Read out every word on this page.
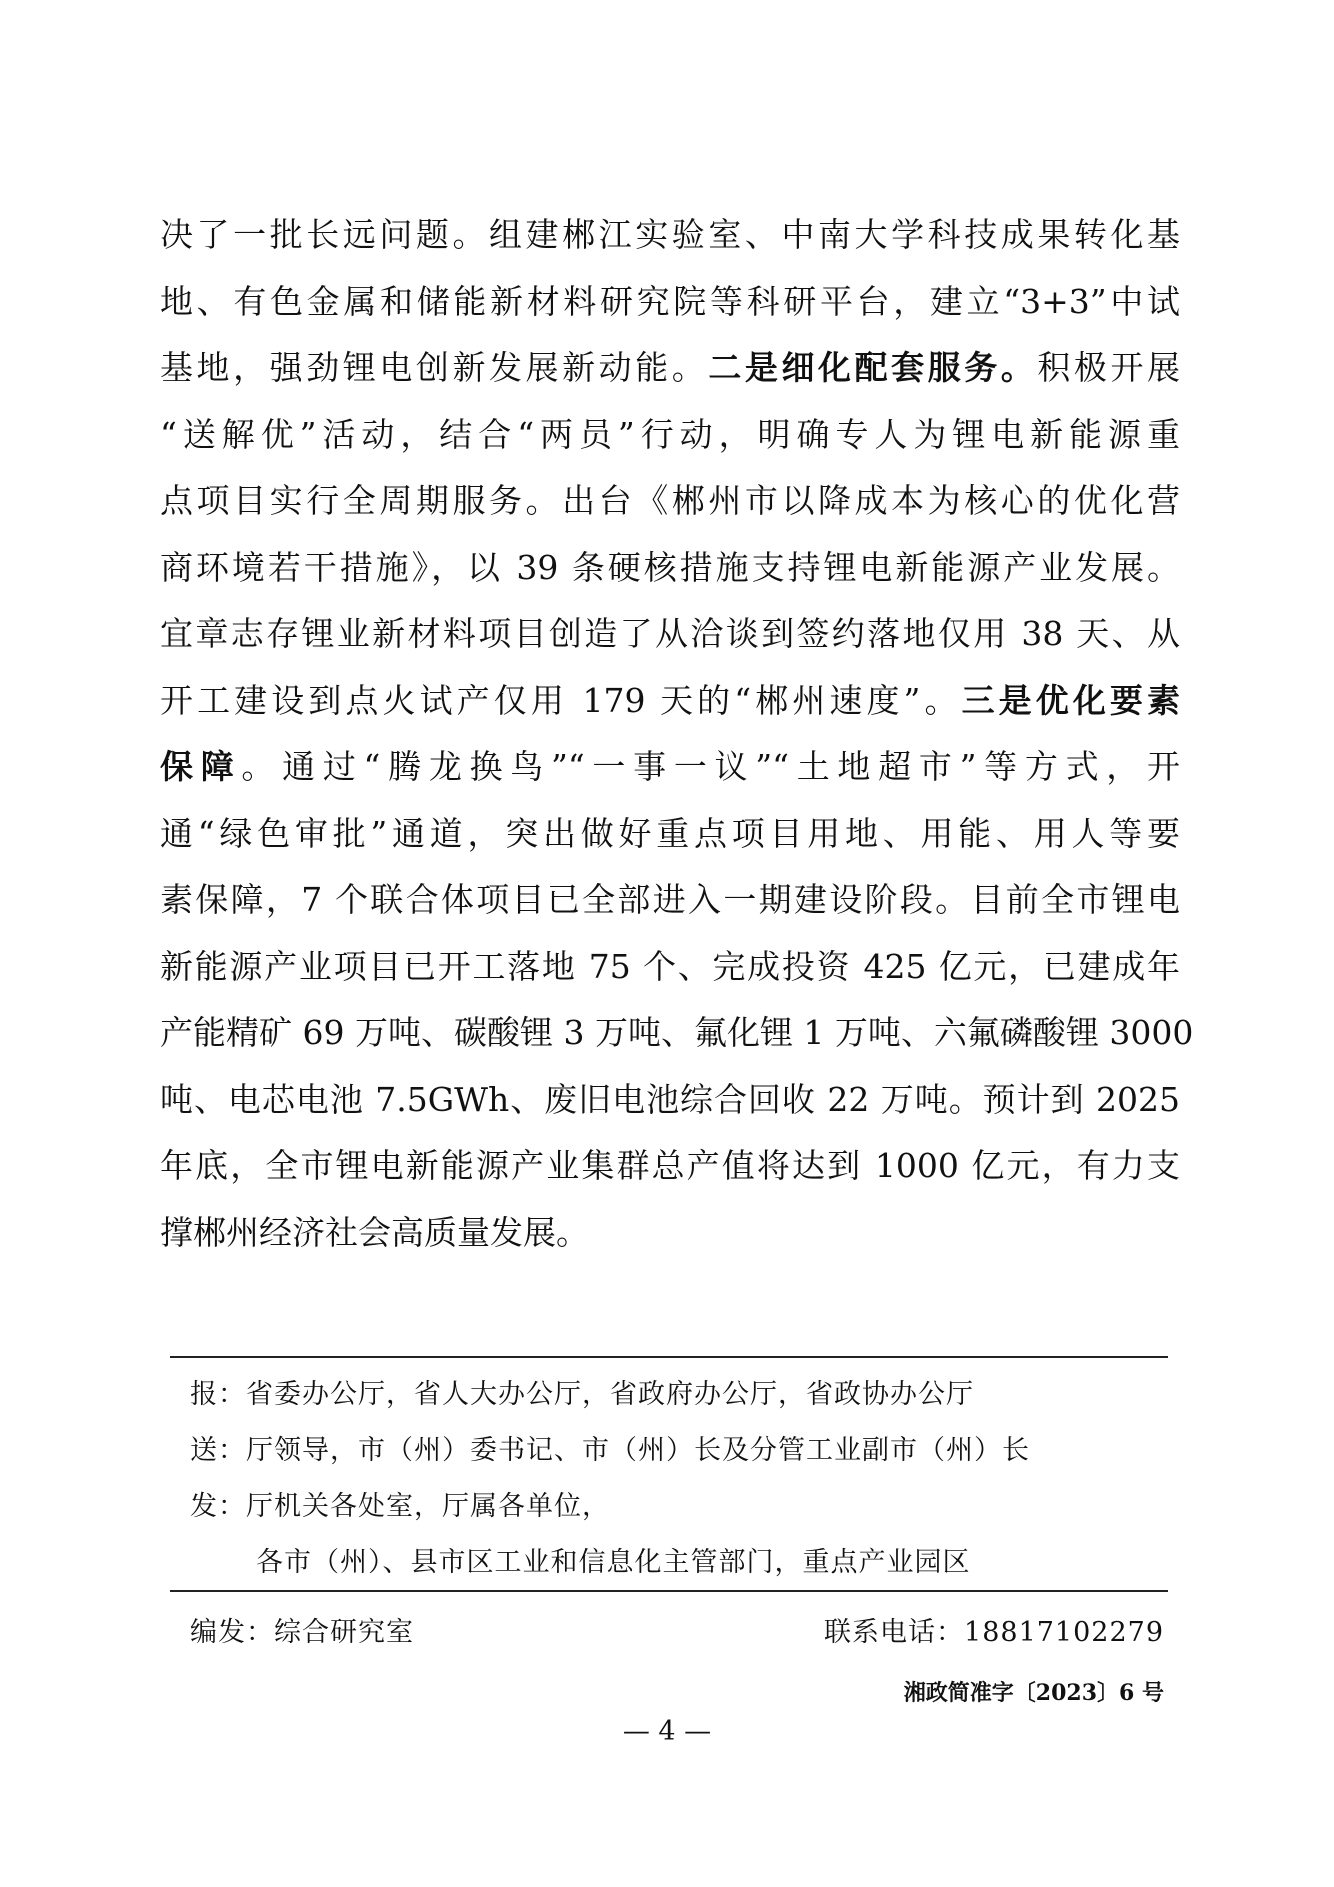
决了一批长远问题。组建郴江实验室、中南大学科技成果转化基
地、有色金属和储能新材料研究院等科研平台，建立“3+3”中试
基地，强劲锂电创新发展新动能。二是细化配套服务。积极开展
“送解优”活动，结合“两员”行动，明确专人为锂电新能源重
点项目实行全周期服务。出台《郴州市以降成本为核心的优化营
商环境若干措施》，以 39 条硬核措施支持锂电新能源产业发展。
宜章志存锂业新材料项目创造了从洽谈到签约落地仅用 38 天、从
开工建设到点火试产仅用 179 天的“郴州速度”。三是优化要素
保障。通过“腾龙换鸟”“一事一议”“土地超市”等方式，开
通“绿色审批”通道，突出做好重点项目用地、用能、用人等要
素保障，7 个联合体项目已全部进入一期建设阶段。目前全市锂电
新能源产业项目已开工落地 75 个、完成投资 425 亿元，已建成年
产能精矿 69 万吨、碳酸锂 3 万吨、氟化锂 1 万吨、六氟磷酸锂 3000
吨、电芯电池 7.5GWh、废旧电池综合回收 22 万吨。预计到 2025
年底，全市锂电新能源产业集群总产值将达到 1000 亿元，有力支
撑郴州经济社会高质量发展。
报：省委办公厅，省人大办公厅，省政府办公厅，省政协办公厅
送：厅领导，市（州）委书记、市（州）长及分管工业副市（州）长
发：厅机关各处室，厅属各单位，
各市（州）、县市区工业和信息化主管部门，重点产业园区
编发：综合研究室	联系电话：18817102279
湘政简准字〔2023〕6 号
— 4 —
